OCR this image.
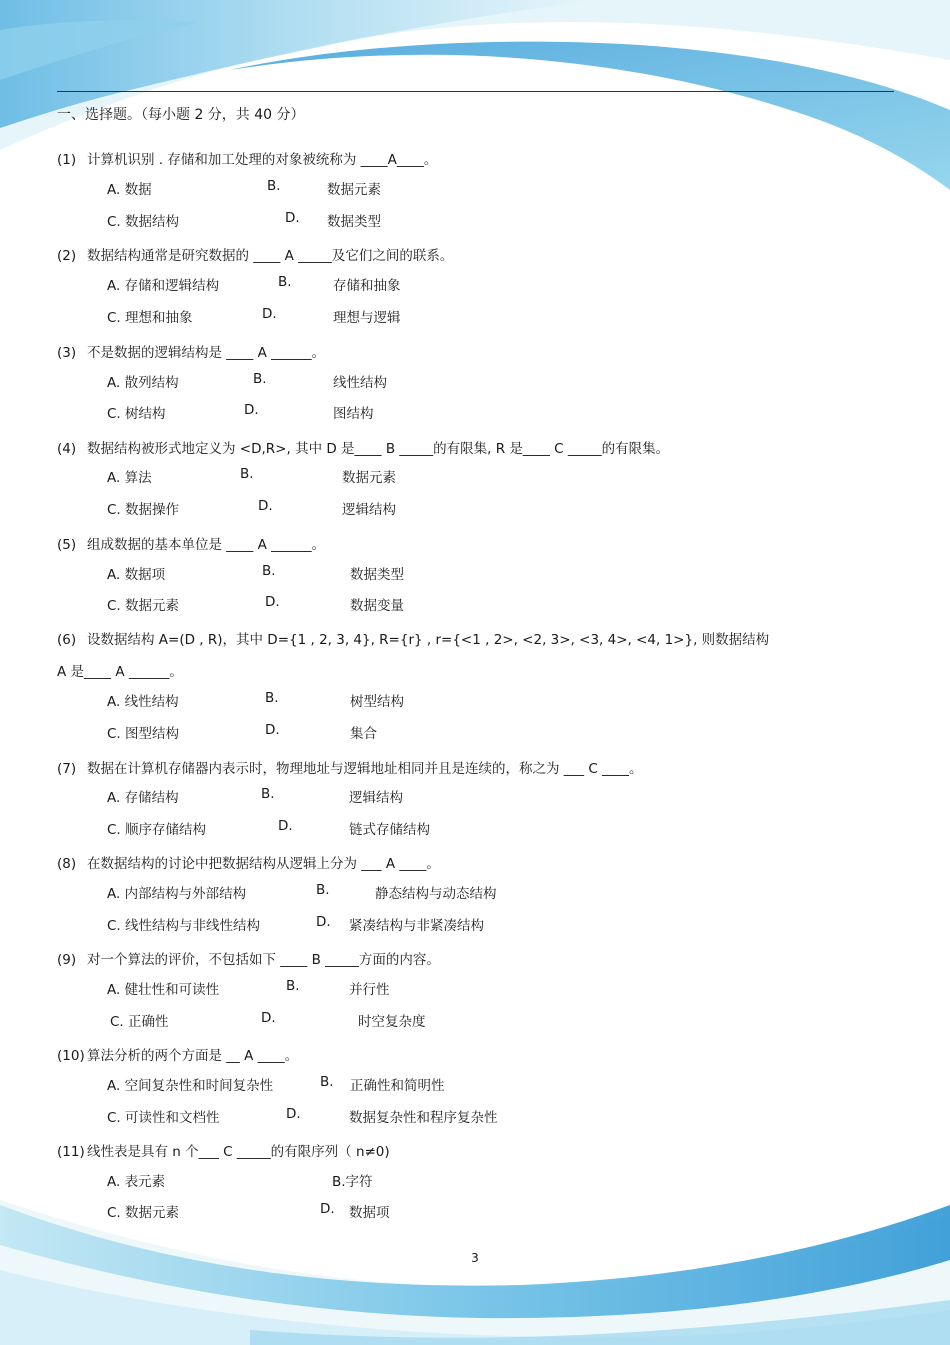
一、选择题。（每小题 2 分，共 40 分）
(1) 计算机识别 . 存储和加工处理的对象被统称为 ____A____。
A. 数据	B.	数据元素
C. 数据结构	D. 数据类型
(2) 数据结构通常是研究数据的 ____ A _____及它们之间的联系。
A. 存储和逻辑结构	B.	存储和抽象
C. 理想和抽象	D.	理想与逻辑
(3) 不是数据的逻辑结构是 ____ A ______。
A. 散列结构	B.	线性结构
C. 树结构	D.	图结构
(4) 数据结构被形式地定义为 <D,R>, 其中 D 是____ B _____的有限集, R 是____ C _____的有限集。
A. 算法	B.	数据元素
C. 数据操作	D.	逻辑结构
(5) 组成数据的基本单位是 ____ A ______。
A. 数据项	B.	数据类型
C. 数据元素	D.	数据变量
(6) 设数据结构 A=(D , R)，其中 D={1 , 2, 3, 4}, R={r} , r={<1 , 2>, <2, 3>, <3, 4>, <4, 1>}, 则数据结构
A 是____ A ______。
A. 线性结构	B.	树型结构
C. 图型结构	D.	集合
(7) 数据在计算机存储器内表示时，物理地址与逻辑地址相同并且是连续的，称之为 ___ C ____。
A. 存储结构	B.	逻辑结构
C. 顺序存储结构	D.	链式存储结构
(8) 在数据结构的讨论中把数据结构从逻辑上分为 ___ A ____。
A. 内部结构与外部结构	B.	静态结构与动态结构
C. 线性结构与非线性结构	D. 紧凑结构与非紧凑结构
(9) 对一个算法的评价，不包括如下 ____ B _____方面的内容。
A. 健壮性和可读性	B.	并行性
C. 正确性	D.	时空复杂度
(10) 算法分析的两个方面是 __ A ____。
A. 空间复杂性和时间复杂性	B. 正确性和简明性
C. 可读性和文档性	D.	数据复杂性和程序复杂性
(11) 线性表是具有 n 个___ C _____的有限序列（ n≠0)
A. 表元素	B.字符
C. 数据元素	D. 数据项
3
